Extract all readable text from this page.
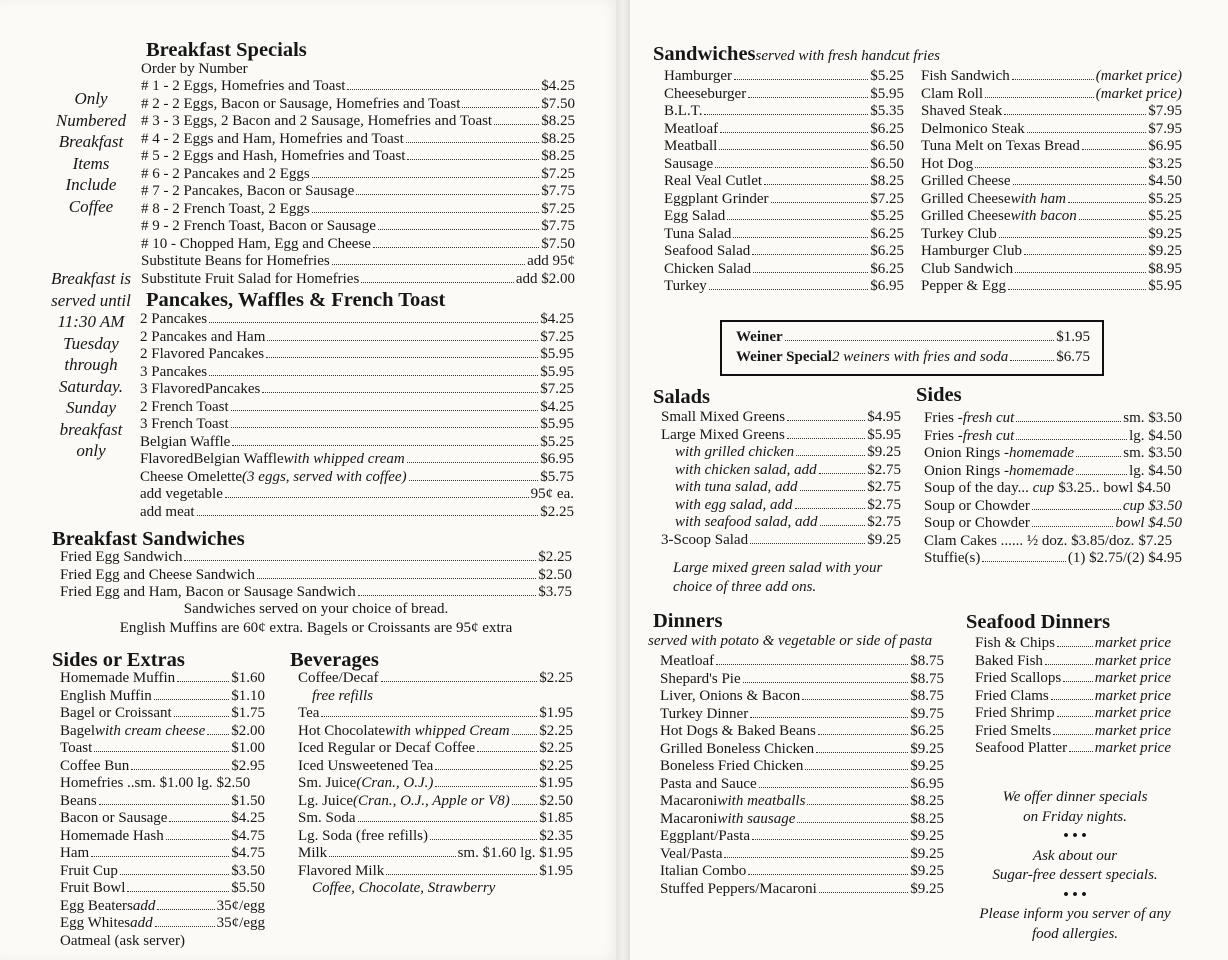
Breakfast Specials
Order by Number
# 1 - 2 Eggs, Homefries and Toast	$4.25
# 2 - 2 Eggs, Bacon or Sausage, Homefries and Toast	$7.50
# 3 - 3 Eggs, 2 Bacon and 2 Sausage, Homefries and Toast	$8.25
# 4 - 2 Eggs and Ham, Homefries and Toast	$8.25
# 5 - 2 Eggs and Hash, Homefries and Toast	$8.25
# 6 - 2 Pancakes and 2 Eggs	$7.25
# 7 - 2 Pancakes, Bacon or Sausage	$7.75
# 8 - 2 French Toast, 2 Eggs	$7.25
# 9 - 2 French Toast, Bacon or Sausage	$7.75
# 10 - Chopped Ham, Egg and Cheese	$7.50
Substitute Beans for Homefries	add 95¢
Substitute Fruit Salad for Homefries	add $2.00
Only Numbered Breakfast Items Include Coffee
Breakfast is served until 11:30 AM Tuesday through Saturday. Sunday breakfast only
Pancakes, Waffles & French Toast
2 Pancakes	$4.25
2 Pancakes and Ham	$7.25
2 Flavored Pancakes	$5.95
3 Pancakes	$5.95
3 FlavoredPancakes	$7.25
2 French Toast	$4.25
3 French Toast	$5.95
Belgian Waffle	$5.25
FlavoredBelgian Waffle with whipped cream	$6.95
Cheese Omelette (3 eggs, served with coffee)	$5.75
add vegetable	95¢ ea.
add meat	$2.25
Breakfast Sandwiches
Fried Egg Sandwich	$2.25
Fried Egg and Cheese Sandwich	$2.50
Fried Egg and Ham, Bacon or Sausage Sandwich	$3.75
Sandwiches served on your choice of bread.
English Muffins are 60¢ extra. Bagels or Croissants are 95¢ extra
Sides or Extras
Homemade Muffin	$1.60
English Muffin	$1.10
Bagel or Croissant	$1.75
Bagel with cream cheese $2.00
Toast	$1.00
Coffee Bun	$2.95
Homefries ..sm. $1.00 lg. $2.50
Beans	$1.50
Bacon or Sausage	$4.25
Homemade Hash	$4.75
Ham	$4.75
Fruit Cup	$3.50
Fruit Bowl	$5.50
Egg Beaters add	35¢/egg
Egg Whites add	35¢/egg
Oatmeal (ask server)
Beverages
Coffee/Decaf	$2.25
free refills
Tea	$1.95
Hot Chocolate with whipped Cream $2.25
Iced Regular or Decaf Coffee	$2.25
Iced Unsweetened Tea	$2.25
Sm. Juice (Cran., O.J.)	$1.95
Lg. Juice (Cran., O.J., Apple or V8) $2.50
Sm. Soda	$1.85
Lg. Soda (free refills)	$2.35
Milk	sm. $1.60 lg. $1.95
Flavored Milk	$1.95
Coffee, Chocolate, Strawberry
Sandwichesserved with fresh handcut fries
Hamburger	$5.25
Cheeseburger	$5.95
B.L.T.	$5.35
Meatloaf	$6.25
Meatball	$6.50
Sausage	$6.50
Real Veal Cutlet	$8.25
Eggplant Grinder	$7.25
Egg Salad	$5.25
Tuna Salad	$6.25
Seafood Salad	$6.25
Chicken Salad	$6.25
Turkey	$6.95
Fish Sandwich	(market price)
Clam Roll	(market price)
Shaved Steak	$7.95
Delmonico Steak	$7.95
Tuna Melt on Texas Bread	$6.95
Hot Dog	$3.25
Grilled Cheese	$4.50
Grilled Cheese with ham	$5.25
Grilled Cheese with bacon	$5.25
Turkey Club	$9.25
Hamburger Club	$9.25
Club Sandwich	$8.95
Pepper & Egg	$5.95
Weiner	$1.95
Weiner Special 2 weiners with fries and soda	$6.75
Salads
Small Mixed Greens	$4.95
Large Mixed Greens	$5.95
with grilled chicken	$9.25
with chicken salad, add	$2.75
with tuna salad, add	$2.75
with egg salad, add	$2.75
with seafood salad, add	$2.75
3-Scoop Salad	$9.25
Large mixed green salad with your choice of three add ons.
Sides
Fries - fresh cut	sm. $3.50
Fries - fresh cut	lg. $4.50
Onion Rings - homemade	sm. $3.50
Onion Rings - homemade	lg. $4.50
Soup of the day... cup $3.25.. bowl $4.50
Soup or Chowder	cup $3.50
Soup or Chowder	bowl $4.50
Clam Cakes ...... ½ doz. $3.85/doz. $7.25
Stuffie(s)	(1) $2.75/(2) $4.95
Dinners
served with potato & vegetable or side of pasta
Meatloaf	$8.75
Shepard's Pie	$8.75
Liver, Onions & Bacon	$8.75
Turkey Dinner	$9.75
Hot Dogs & Baked Beans	$6.25
Grilled Boneless Chicken	$9.25
Boneless Fried Chicken	$9.25
Pasta and Sauce	$6.95
Macaroni with meatballs	$8.25
Macaroni with sausage	$8.25
Eggplant/Pasta	$9.25
Veal/Pasta	$9.25
Italian Combo	$9.25
Stuffed Peppers/Macaroni	$9.25
Seafood Dinners
Fish & Chips	market price
Baked Fish	market price
Fried Scallops market price
Fried Clams	market price
Fried Shrimp	market price
Fried Smelts	market price
Seafood Platter market price
We offer dinner specials
on Friday nights.
• • •
Ask about our
Sugar-free dessert specials.
• • •
Please inform you server of any
food allergies.
